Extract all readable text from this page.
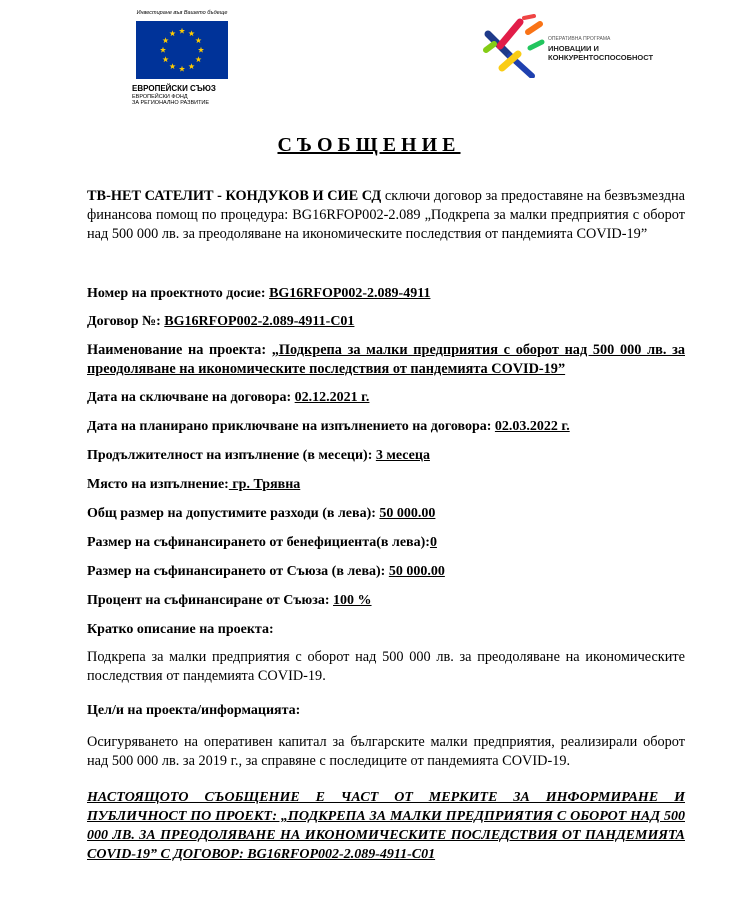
Инвестиране във Вашето бъдеще
ЕВРОПЕЙСКИ СЪЮЗ
ЕВРОПЕЙСКИ ФОНД
ЗА РЕГИОНАЛНО РАЗВИТИЕ
ОПЕРАТИВНА ПРОГРАМА
ИНОВАЦИИ И
КОНКУРЕНТОСПОСОБНОСТ
СЪОБЩЕНИЕ
ТВ-НЕТ САТЕЛИТ - КОНДУКОВ И СИЕ СД сключи договор за предоставяне на безвъзмездна финансова помощ по процедура: BG16RFOP002-2.089 „Подкрепа за малки предприятия с оборот над 500 000 лв. за преодоляване на икономическите последствия от пандемията COVID-19”
Номер на проектното досие: BG16RFOP002-2.089-4911
Договор №: BG16RFOP002-2.089-4911-C01
Наименование на проекта: „Подкрепа за малки предприятия с оборот над 500 000 лв. за преодоляване на икономическите последствия от пандемията COVID-19”
Дата на сключване на договора: 02.12.2021 г.
Дата на планирано приключване на изпълнението на договора: 02.03.2022 г.
Продължителност на изпълнение (в месеци): 3 месеца
Място на изпълнение: гр. Трявна
Общ размер на допустимите разходи (в лева): 50 000.00
Размер на съфинансирането от бенефициента(в лева):0
Размер на съфинансирането от Съюза (в лева): 50 000.00
Процент на съфинансиране от Съюза: 100 %
Кратко описание на проекта:
Подкрепа за малки предприятия с оборот над 500 000 лв. за преодоляване на икономическите последствия от пандемията COVID-19.
Цел/и на проекта/информацията:
Осигуряването на оперативен капитал за българските малки предприятия, реализирали оборот над 500 000 лв. за 2019 г., за справяне с последиците от пандемията COVID-19.
НАСТОЯЩОТО СЪОБЩЕНИЕ Е ЧАСТ ОТ МЕРКИТЕ ЗА ИНФОРМИРАНЕ И ПУБЛИЧНОСТ ПО ПРОЕКТ: „ПОДКРЕПА ЗА МАЛКИ ПРЕДПРИЯТИЯ С ОБОРОТ НАД 500 000 ЛВ. ЗА ПРЕОДОЛЯВАНЕ НА ИКОНОМИЧЕСКИТЕ ПОСЛЕДСТВИЯ ОТ ПАНДЕМИЯТА COVID-19” С ДОГОВОР: BG16RFOP002-2.089-4911-C01
